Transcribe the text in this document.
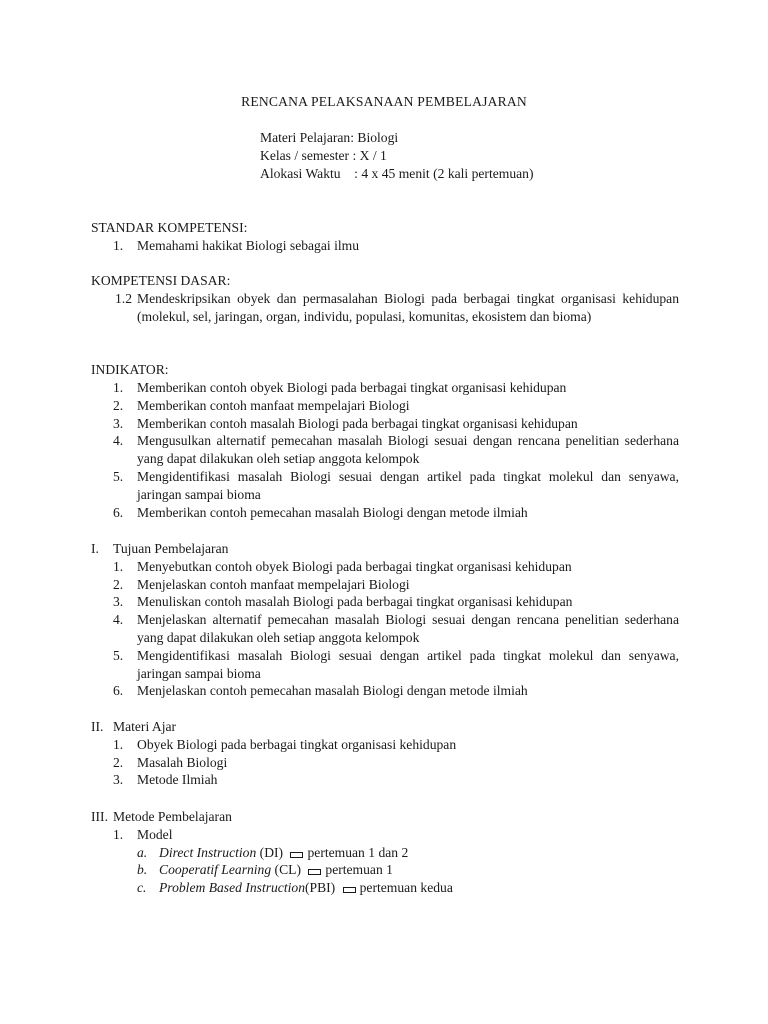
RENCANA PELAKSANAAN PEMBELAJARAN
Materi Pelajaran: Biologi
Kelas / semester : X / 1
Alokasi Waktu    : 4 x 45 menit (2 kali pertemuan)
STANDAR KOMPETENSI:
1. Memahami hakikat Biologi sebagai ilmu
KOMPETENSI DASAR:
1.2 Mendeskripsikan obyek dan permasalahan Biologi pada berbagai tingkat organisasi kehidupan (molekul, sel, jaringan, organ, individu, populasi, komunitas, ekosistem dan bioma)
INDIKATOR:
1. Memberikan contoh obyek Biologi pada berbagai tingkat organisasi kehidupan
2. Memberikan contoh manfaat mempelajari Biologi
3. Memberikan contoh masalah Biologi pada berbagai tingkat organisasi kehidupan
4. Mengusulkan alternatif pemecahan masalah Biologi sesuai dengan rencana penelitian sederhana yang dapat dilakukan oleh setiap anggota kelompok
5. Mengidentifikasi masalah Biologi sesuai dengan artikel pada tingkat molekul dan senyawa, jaringan sampai bioma
6. Memberikan contoh pemecahan masalah Biologi dengan metode ilmiah
I. Tujuan Pembelajaran
1. Menyebutkan contoh obyek Biologi pada berbagai tingkat organisasi kehidupan
2. Menjelaskan contoh manfaat mempelajari Biologi
3. Menuliskan contoh masalah Biologi pada berbagai tingkat organisasi kehidupan
4. Menjelaskan alternatif pemecahan masalah Biologi sesuai dengan rencana penelitian sederhana yang dapat dilakukan oleh setiap anggota kelompok
5. Mengidentifikasi masalah Biologi sesuai dengan artikel pada tingkat molekul dan senyawa, jaringan sampai bioma
6. Menjelaskan contoh pemecahan masalah Biologi dengan metode ilmiah
II. Materi Ajar
1. Obyek Biologi pada berbagai tingkat organisasi kehidupan
2. Masalah Biologi
3. Metode Ilmiah
III. Metode Pembelajaran
1. Model
a. Direct Instruction (DI) pertemuan 1 dan 2
b. Cooperatif Learning (CL) pertemuan 1
c. Problem Based Instruction(PBI) pertemuan kedua
